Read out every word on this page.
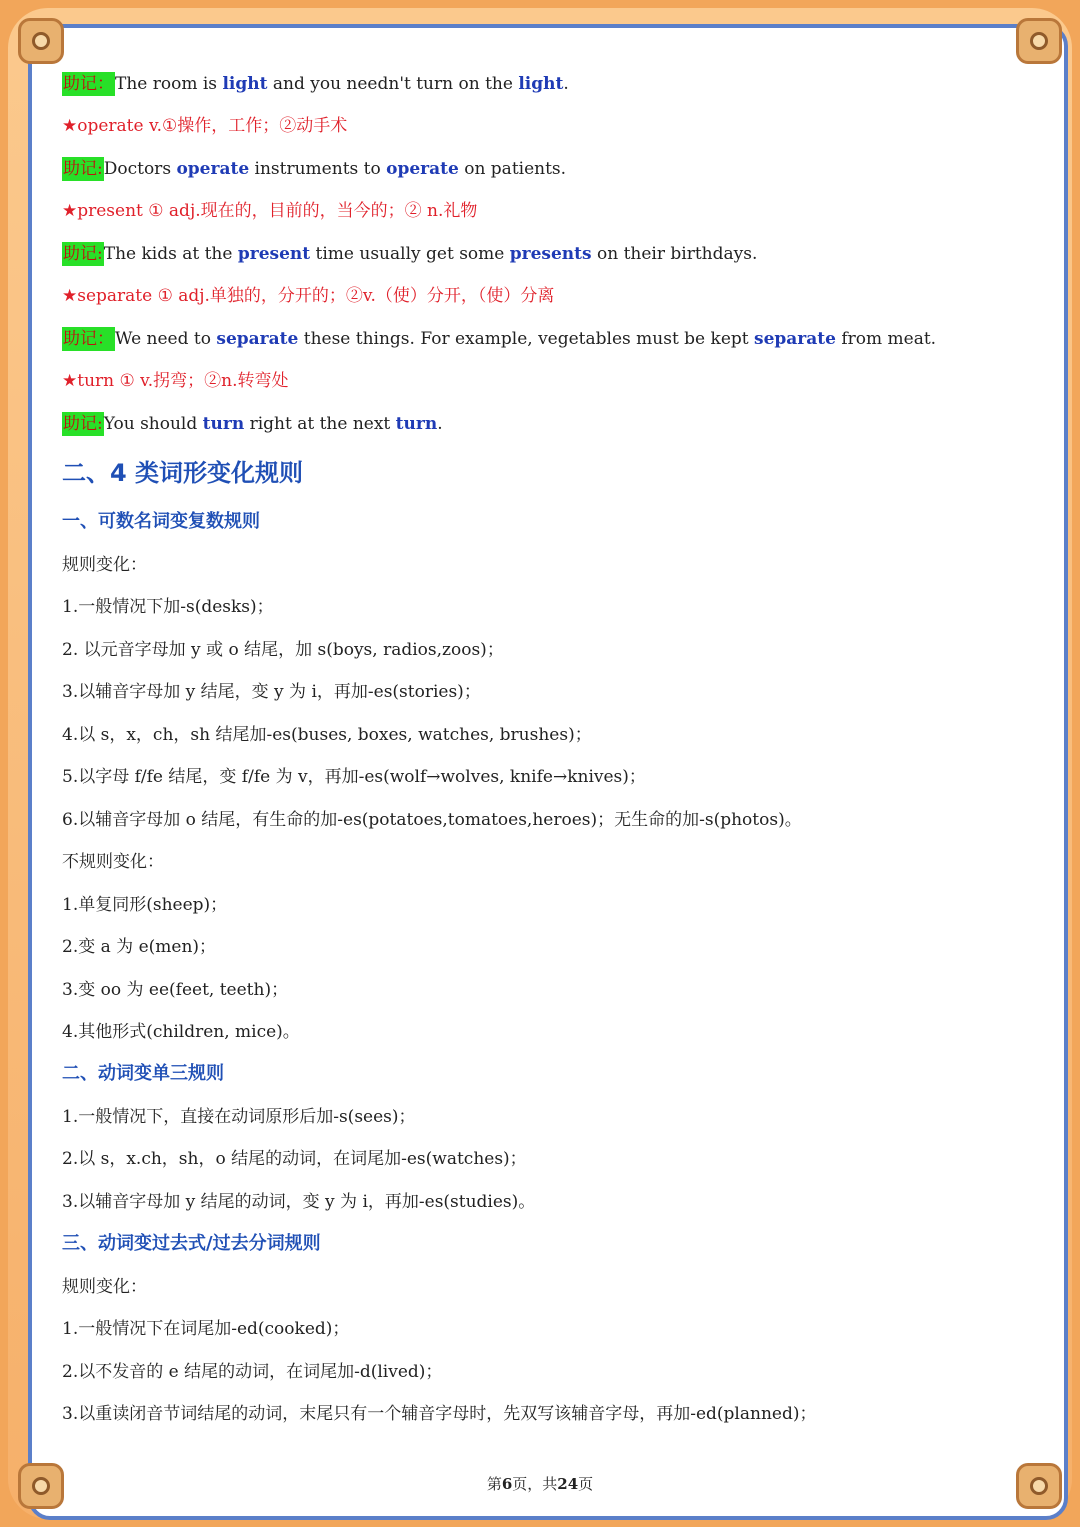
助记：The room is light and you needn't turn on the light.
★operate v.①操作，工作；②动手术
助记:Doctors operate instruments to operate on patients.
★present ① adj.现在的，目前的，当今的；② n.礼物
助记:The kids at the present time usually get some presents on their birthdays.
★separate ① adj.单独的，分开的；②v.（使）分开，（使）分离
助记：We need to separate these things. For example, vegetables must be kept separate from meat.
★turn ① v.拐弯；②n.转弯处
助记:You should turn right at the next turn.
二、4 类词形变化规则
一、可数名词变复数规则
规则变化：
1.一般情况下加-s(desks)；
2. 以元音字母加 y 或 o 结尾，加 s(boys, radios,zoos)；
3.以辅音字母加 y 结尾，变 y 为 i，再加-es(stories)；
4.以 s，x，ch，sh 结尾加-es(buses, boxes, watches, brushes)；
5.以字母 f/fe 结尾，变 f/fe 为 v，再加-es(wolf→wolves, knife→knives)；
6.以辅音字母加 o 结尾，有生命的加-es(potatoes,tomatoes,heroes)；无生命的加-s(photos)。
不规则变化：
1.单复同形(sheep)；
2.变 a 为 e(men)；
3.变 oo 为 ee(feet, teeth)；
4.其他形式(children, mice)。
二、动词变单三规则
1.一般情况下，直接在动词原形后加-s(sees)；
2.以 s，x.ch，sh，o 结尾的动词，在词尾加-es(watches)；
3.以辅音字母加 y 结尾的动词，变 y 为 i，再加-es(studies)。
三、动词变过去式/过去分词规则
规则变化：
1.一般情况下在词尾加-ed(cooked)；
2.以不发音的 e 结尾的动词，在词尾加-d(lived)；
3.以重读闭音节词结尾的动词，末尾只有一个辅音字母时，先双写该辅音字母，再加-ed(planned)；
第6页，共24页
